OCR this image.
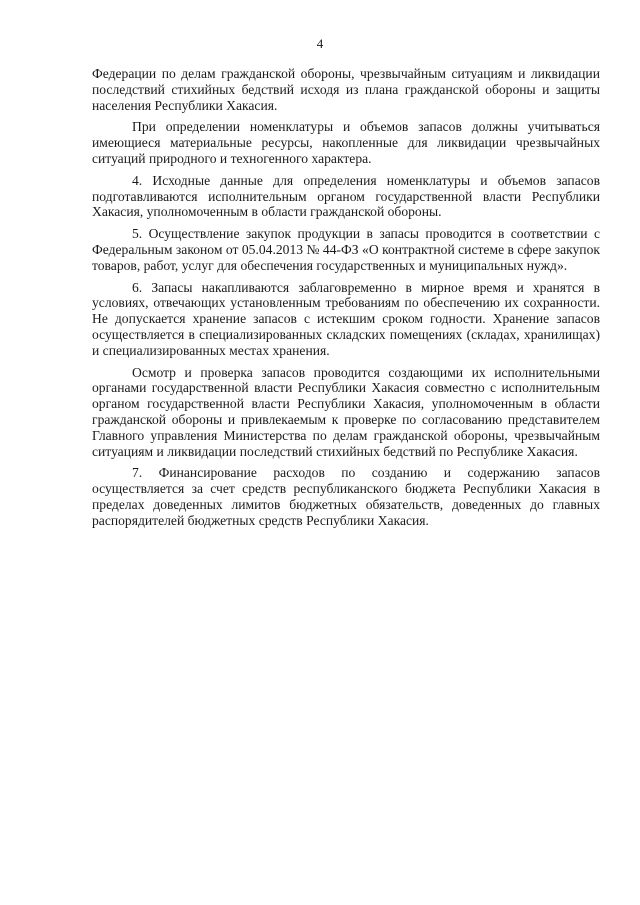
4

Федерации по делам гражданской обороны, чрезвычайным ситуациям и ликвидации последствий стихийных бедствий исходя из плана гражданской обороны и защиты населения Республики Хакасия.

При определении номенклатуры и объемов запасов должны учитываться имеющиеся материальные ресурсы, накопленные для ликвидации чрезвычайных ситуаций природного и техногенного характера.

4. Исходные данные для определения номенклатуры и объемов запасов подготавливаются исполнительным органом государственной власти Республики Хакасия, уполномоченным в области гражданской обороны.

5. Осуществление закупок продукции в запасы проводится в соответствии с Федеральным законом от 05.04.2013 № 44-ФЗ «О контрактной системе в сфере закупок товаров, работ, услуг для обеспечения государственных и муниципальных нужд».

6. Запасы накапливаются заблаговременно в мирное время и хранятся в условиях, отвечающих установленным требованиям по обеспечению их сохранности. Не допускается хранение запасов с истекшим сроком годности. Хранение запасов осуществляется в специализированных складских помещениях (складах, хранилищах) и специализированных местах хранения.

Осмотр и проверка запасов проводится создающими их исполнительными органами государственной власти Республики Хакасия совместно с исполнительным органом государственной власти Республики Хакасия, уполномоченным в области гражданской обороны и привлекаемым к проверке по согласованию представителем Главного управления Министерства по делам гражданской обороны, чрезвычайным ситуациям и ликвидации последствий стихийных бедствий по Республике Хакасия.

7. Финансирование расходов по созданию и содержанию запасов осуществляется за счет средств республиканского бюджета Республики Хакасия в пределах доведенных лимитов бюджетных обязательств, доведенных до главных распорядителей бюджетных средств Республики Хакасия.
